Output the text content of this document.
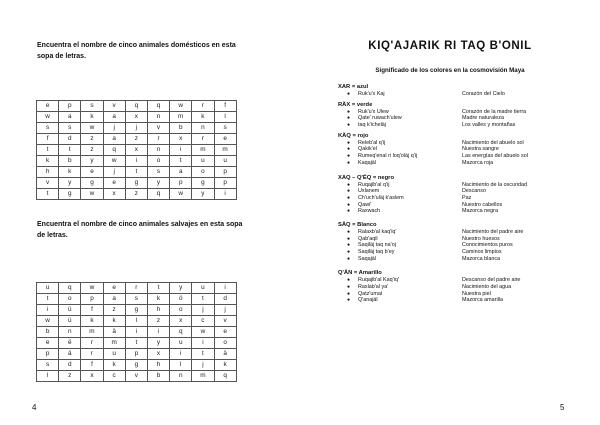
Encuentra el nombre de cinco animales domésticos en esta sopa de letras.

e	p	s	v	q	q	w	r	f
w	a	k	a	x	n	m	k	l
s	s	w	j	j	v	b	n	s
f	d	z	a	z	r	x	r	e
t	t	z	q	x	n	i	m	m
k	b	y	w	i	o	t	u	u
h	k	e	j	t	s	a	o	p
v	y	g	e	g	y	p	g	p
t	g	w	x	z	q	w	y	i

Encuentra el nombre de cinco animales salvajes en esta sopa de letras.

u	q	w	e	r	t	y	u	i
t	o	p	a	s	k	ö	t	d
i	ü	f	z	g	h	o	j	j
w	ü	k	k	l	z	x	c	v
b	n	m	ä	i	i	q	w	e
e	ë	r	m	t	y	u	i	o
p	ä	r	u	p	x	i	t	ä
s	d	f	k	g	h	l	j	k
l	z	x	c	v	b	n	m	q
4
KIQ'AJARIK RI TAQ B'ONIL

Significado de los colores en la cosmovisión Maya

XAR = azul
● Ruk'u'x Kaj	Corazón del Cielo
RÄX = verde
● Ruk'u'x Ulew	Corazón de la madre tierra
● Qate' ruwach'ulew	Madre naturaleza
● taq k'icheläj	Los valles y montañas
KÄQ = rojo
● Releb'al q'ij	Nacimiento del abuelo sol
● Qakik'el	Nuestra sangre
● Rumeq'enal ri loq'oläj q'ij	Las energías del abuelo sol
● Kaqajäl	Mazorca roja
XAQ – Q'ËQ = negro
● Ruqajib'al q'ij	Nacimiento de la oscuridad
● Uxlanem	Descanso
● Ch'uch'uläj k'aslem	Paz
● Qawi'	Nuestro cabellos
● Raxwach	Mazorca negra
SÄQ = Blanco
● Ralaxb'al kaq'iq'	Nacimiento del padre aire
● Qab'aqil	Nuestro huesos
● Saqiläj taq na'oj	Conocimientos puros
● Saqiläj taq b'ey	Caminos limpios
● Saqajäl	Mazorca blanca
Q'ÄN = Amarillo
● Ruqajib'al Kaq'iq'	Descanso del padre aire
● Raxlab'al ya'	Nacimiento del agua
● Qatz'umal	Nuestra piel
● Q'anajäl	Mazorca amarilla
5
